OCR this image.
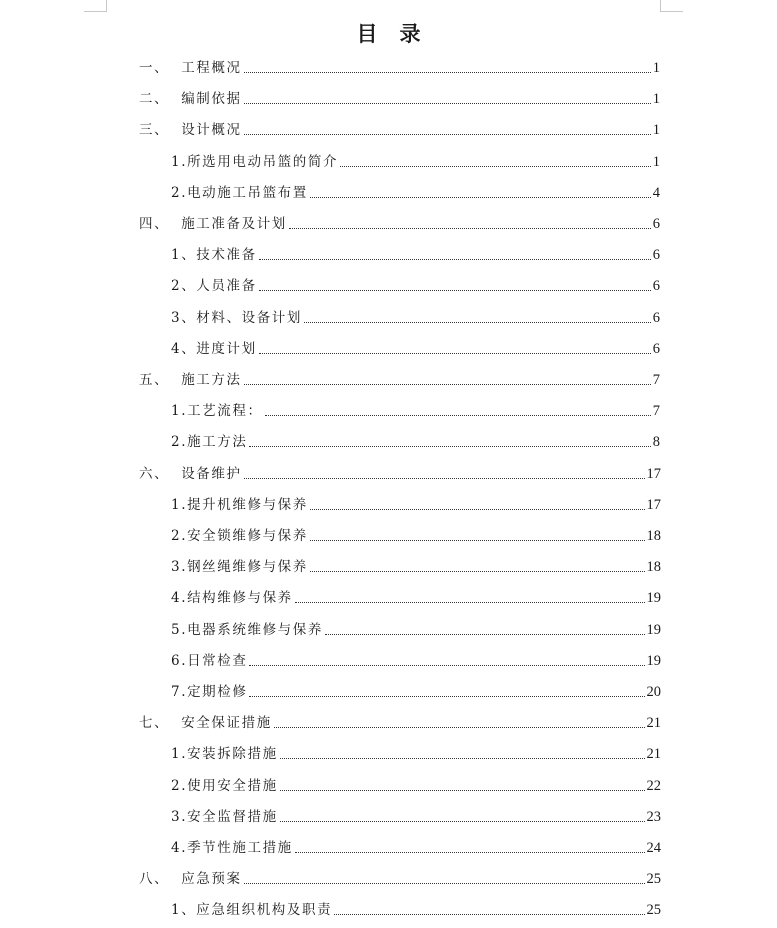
目 录
一、 工程概况	1
二、 编制依据	1
三、 设计概况	1
1.所选用电动吊篮的简介	1
2.电动施工吊篮布置	4
四、 施工准备及计划	6
1、技术准备	6
2、人员准备	6
3、材料、设备计划	6
4、进度计划	6
五、 施工方法	7
1.工艺流程：	7
2.施工方法	8
六、 设备维护	17
1.提升机维修与保养	17
2.安全锁维修与保养	18
3.钢丝绳维修与保养	18
4.结构维修与保养	19
5.电器系统维修与保养	19
6.日常检查	19
7.定期检修	20
七、 安全保证措施	21
1.安装拆除措施	21
2.使用安全措施	22
3.安全监督措施	23
4.季节性施工措施	24
八、 应急预案	25
1、应急组织机构及职责	25
